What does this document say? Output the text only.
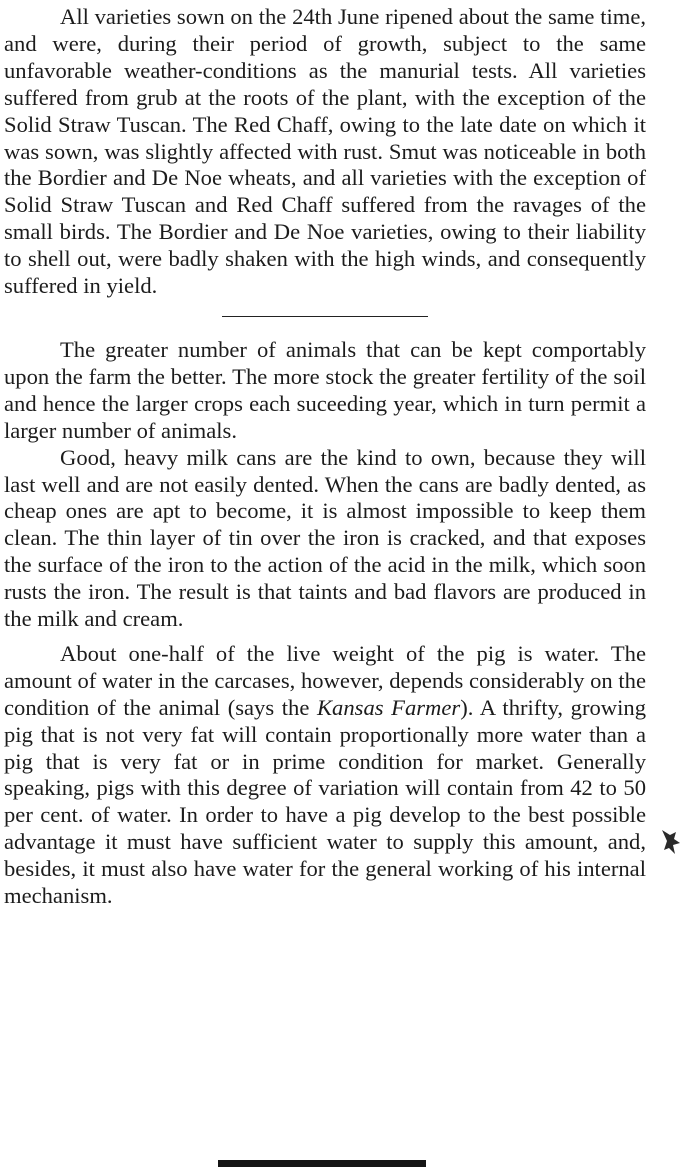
All varieties sown on the 24th June ripened about the same time, and were, during their period of growth, subject to the same unfavorable weather-conditions as the manurial tests. All varieties suffered from grub at the roots of the plant, with the exception of the Solid Straw Tuscan. The Red Chaff, owing to the late date on which it was sown, was slightly affected with rust. Smut was noticeable in both the Bordier and De Noe wheats, and all varieties with the exception of Solid Straw Tuscan and Red Chaff suffered from the ravages of the small birds. The Bordier and De Noe varieties, owing to their liability to shell out, were badly shaken with the high winds, and consequently suffered in yield.

The greater number of animals that can be kept comportably upon the farm the better. The more stock the greater fertility of the soil and hence the larger crops each suceeding year, which in turn permit a larger number of animals.

Good, heavy milk cans are the kind to own, because they will last well and are not easily dented. When the cans are badly dented, as cheap ones are apt to become, it is almost impossible to keep them clean. The thin layer of tin over the iron is cracked, and that exposes the surface of the iron to the action of the acid in the milk, which soon rusts the iron. The result is that taints and bad flavors are produced in the milk and cream.

About one-half of the live weight of the pig is water. The amount of water in the carcases, however, depends considerably on the condition of the animal (says the Kansas Farmer). A thrifty, growing pig that is not very fat will contain proportionally more water than a pig that is very fat or in prime condition for market. Generally speaking, pigs with this degree of variation will contain from 42 to 50 per cent. of water. In order to have a pig develop to the best possible advantage it must have sufficient water to supply this amount, and, besides, it must also have water for the general working of his internal mechanism.
